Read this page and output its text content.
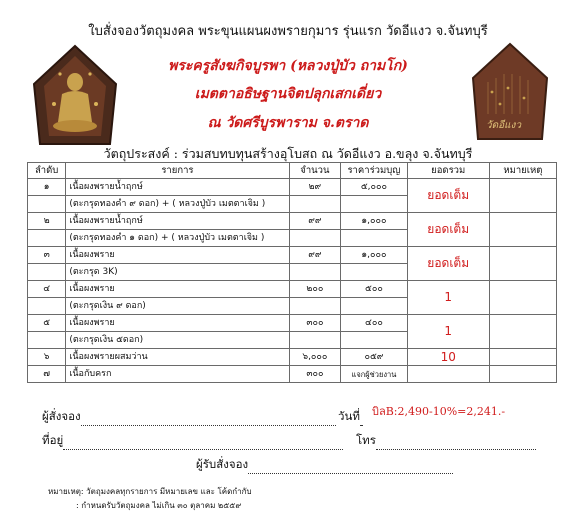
ใบสั่งจองวัตถุมงคล พระขุนแผนผงพรายกุมาร รุ่นแรก วัดอีแงว จ.จันทบุรี
พระครูสังฆกิจบูรพา (หลวงปู่บัว ถามโก)
เมตตาอธิษฐานจิตปลุกเสกเดี่ยว
ณ วัดศรีบูรพาราม จ.ตราด
วัตถุประสงค์ : ร่วมสบทบทุนสร้างอุโบสถ ณ วัดอีแงว อ.ขลุง จ.จันทบุรี
วัดอีแงว
ลำดับ	รายการ	จำนวน	ราคาร่วมบุญ	ยอดรวม	หมายเหตุ
๑	เนื้อผงพรายน้ำฤกษ์	๒๙	๕,๐๐๐	ยอดเต็ม	
	(ตะกรุดทองคำ ๙ ดอก) + ( หลวงปู่บัว เมตตาเจิม )				
๒	เนื้อผงพรายน้ำฤกษ์	๙๙	๑,๐๐๐	ยอดเต็ม	
	(ตะกรุดทองคำ ๑ ดอก) + ( หลวงปู่บัว เมตตาเจิม )				
๓	เนื้อผงพราย	๙๙	๑,๐๐๐	ยอดเต็ม	
	(ตะกรุด 3K)				
๔	เนื้อผงพราย	๒๐๐	๕๐๐	1	
	(ตะกรุดเงิน ๙ ดอก)				
๕	เนื้อผงพราย	๓๐๐	๔๐๐	1	
	(ตะกรุดเงิน ๕ดอก)				
๖	เนื้อผงพรายผสมว่าน	๖,๐๐๐	๐๕๙	10	
๗	เนื้อกับครก	๓๐๐	แจกผู้ช่วยงาน		
ผู้สั่งจอง	วันที่
ที่อยู่	โทร
ผู้รับสั่งจอง
บิลB:2,490-10%=2,241.-
หมายเหตุ: วัตถุมงคลทุกรายการ มีหมายเลข และ โค้ดกำกับ
: กำหนดรับวัตถุมงคล ไม่เกิน ๓๐ ตุลาคม ๒๕๕๙
